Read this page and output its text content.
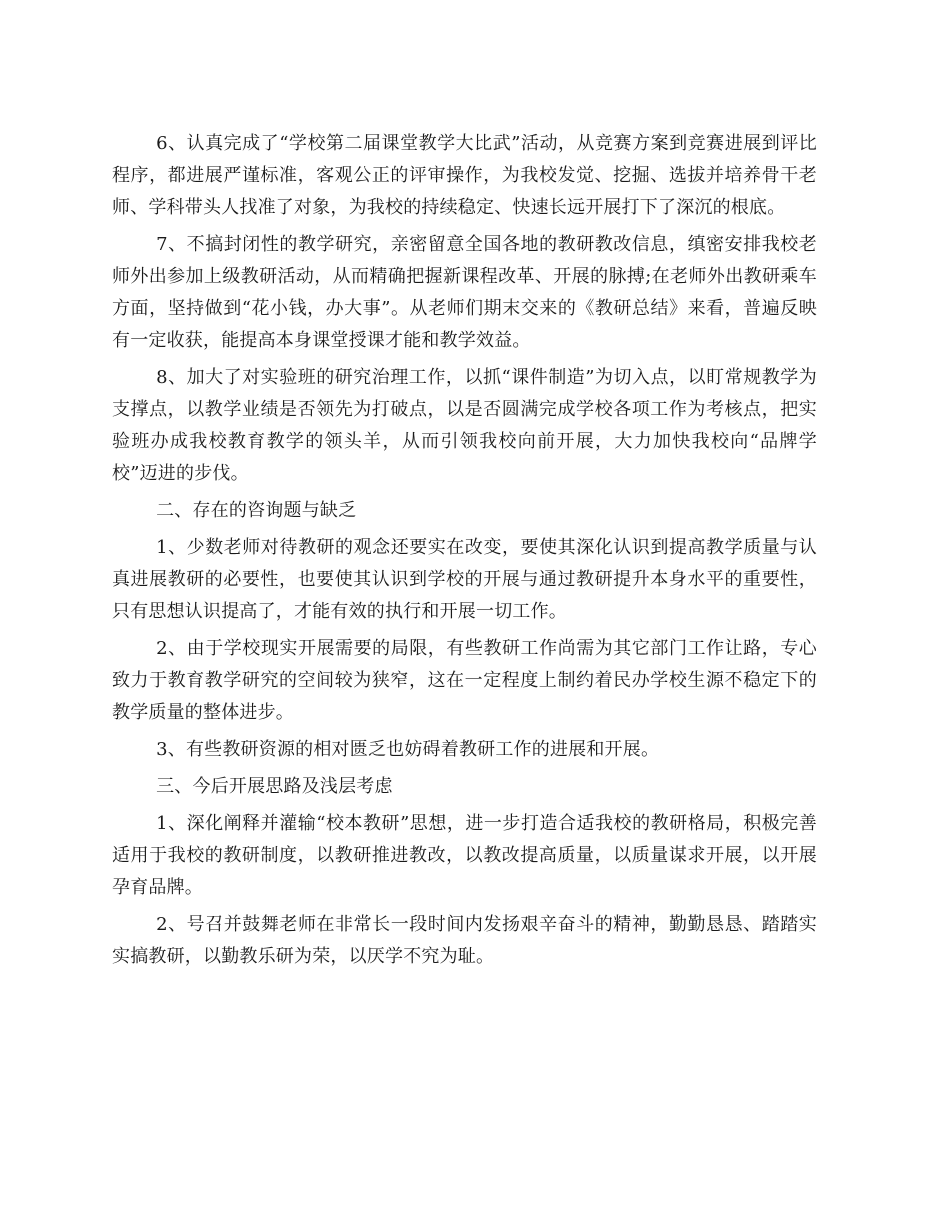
6、认真完成了“学校第二届课堂教学大比武”活动，从竞赛方案到竞赛进展到评比程序，都进展严谨标准，客观公正的评审操作，为我校发觉、挖掘、选拔并培养骨干老师、学科带头人找准了对象，为我校的持续稳定、快速长远开展打下了深沉的根底。

7、不搞封闭性的教学研究，亲密留意全国各地的教研教改信息，缜密安排我校老师外出参加上级教研活动，从而精确把握新课程改革、开展的脉搏;在老师外出教研乘车方面，坚持做到“花小钱，办大事”。从老师们期末交来的《教研总结》来看，普遍反映有一定收获，能提高本身课堂授课才能和教学效益。

8、加大了对实验班的研究治理工作，以抓“课件制造”为切入点，以盯常规教学为支撑点，以教学业绩是否领先为打破点，以是否圆满完成学校各项工作为考核点，把实验班办成我校教育教学的领头羊，从而引领我校向前开展，大力加快我校向“品牌学校”迈进的步伐。

二、存在的咨询题与缺乏

1、少数老师对待教研的观念还要实在改变，要使其深化认识到提高教学质量与认真进展教研的必要性，也要使其认识到学校的开展与通过教研提升本身水平的重要性，只有思想认识提高了，才能有效的执行和开展一切工作。

2、由于学校现实开展需要的局限，有些教研工作尚需为其它部门工作让路，专心致力于教育教学研究的空间较为狭窄，这在一定程度上制约着民办学校生源不稳定下的教学质量的整体进步。

3、有些教研资源的相对匮乏也妨碍着教研工作的进展和开展。

三、今后开展思路及浅层考虑

1、深化阐释并灌输“校本教研”思想，进一步打造合适我校的教研格局，积极完善适用于我校的教研制度，以教研推进教改，以教改提高质量，以质量谋求开展，以开展孕育品牌。

2、号召并鼓舞老师在非常长一段时间内发扬艰辛奋斗的精神，勤勤恳恳、踏踏实实搞教研，以勤教乐研为荣，以厌学不究为耻。
